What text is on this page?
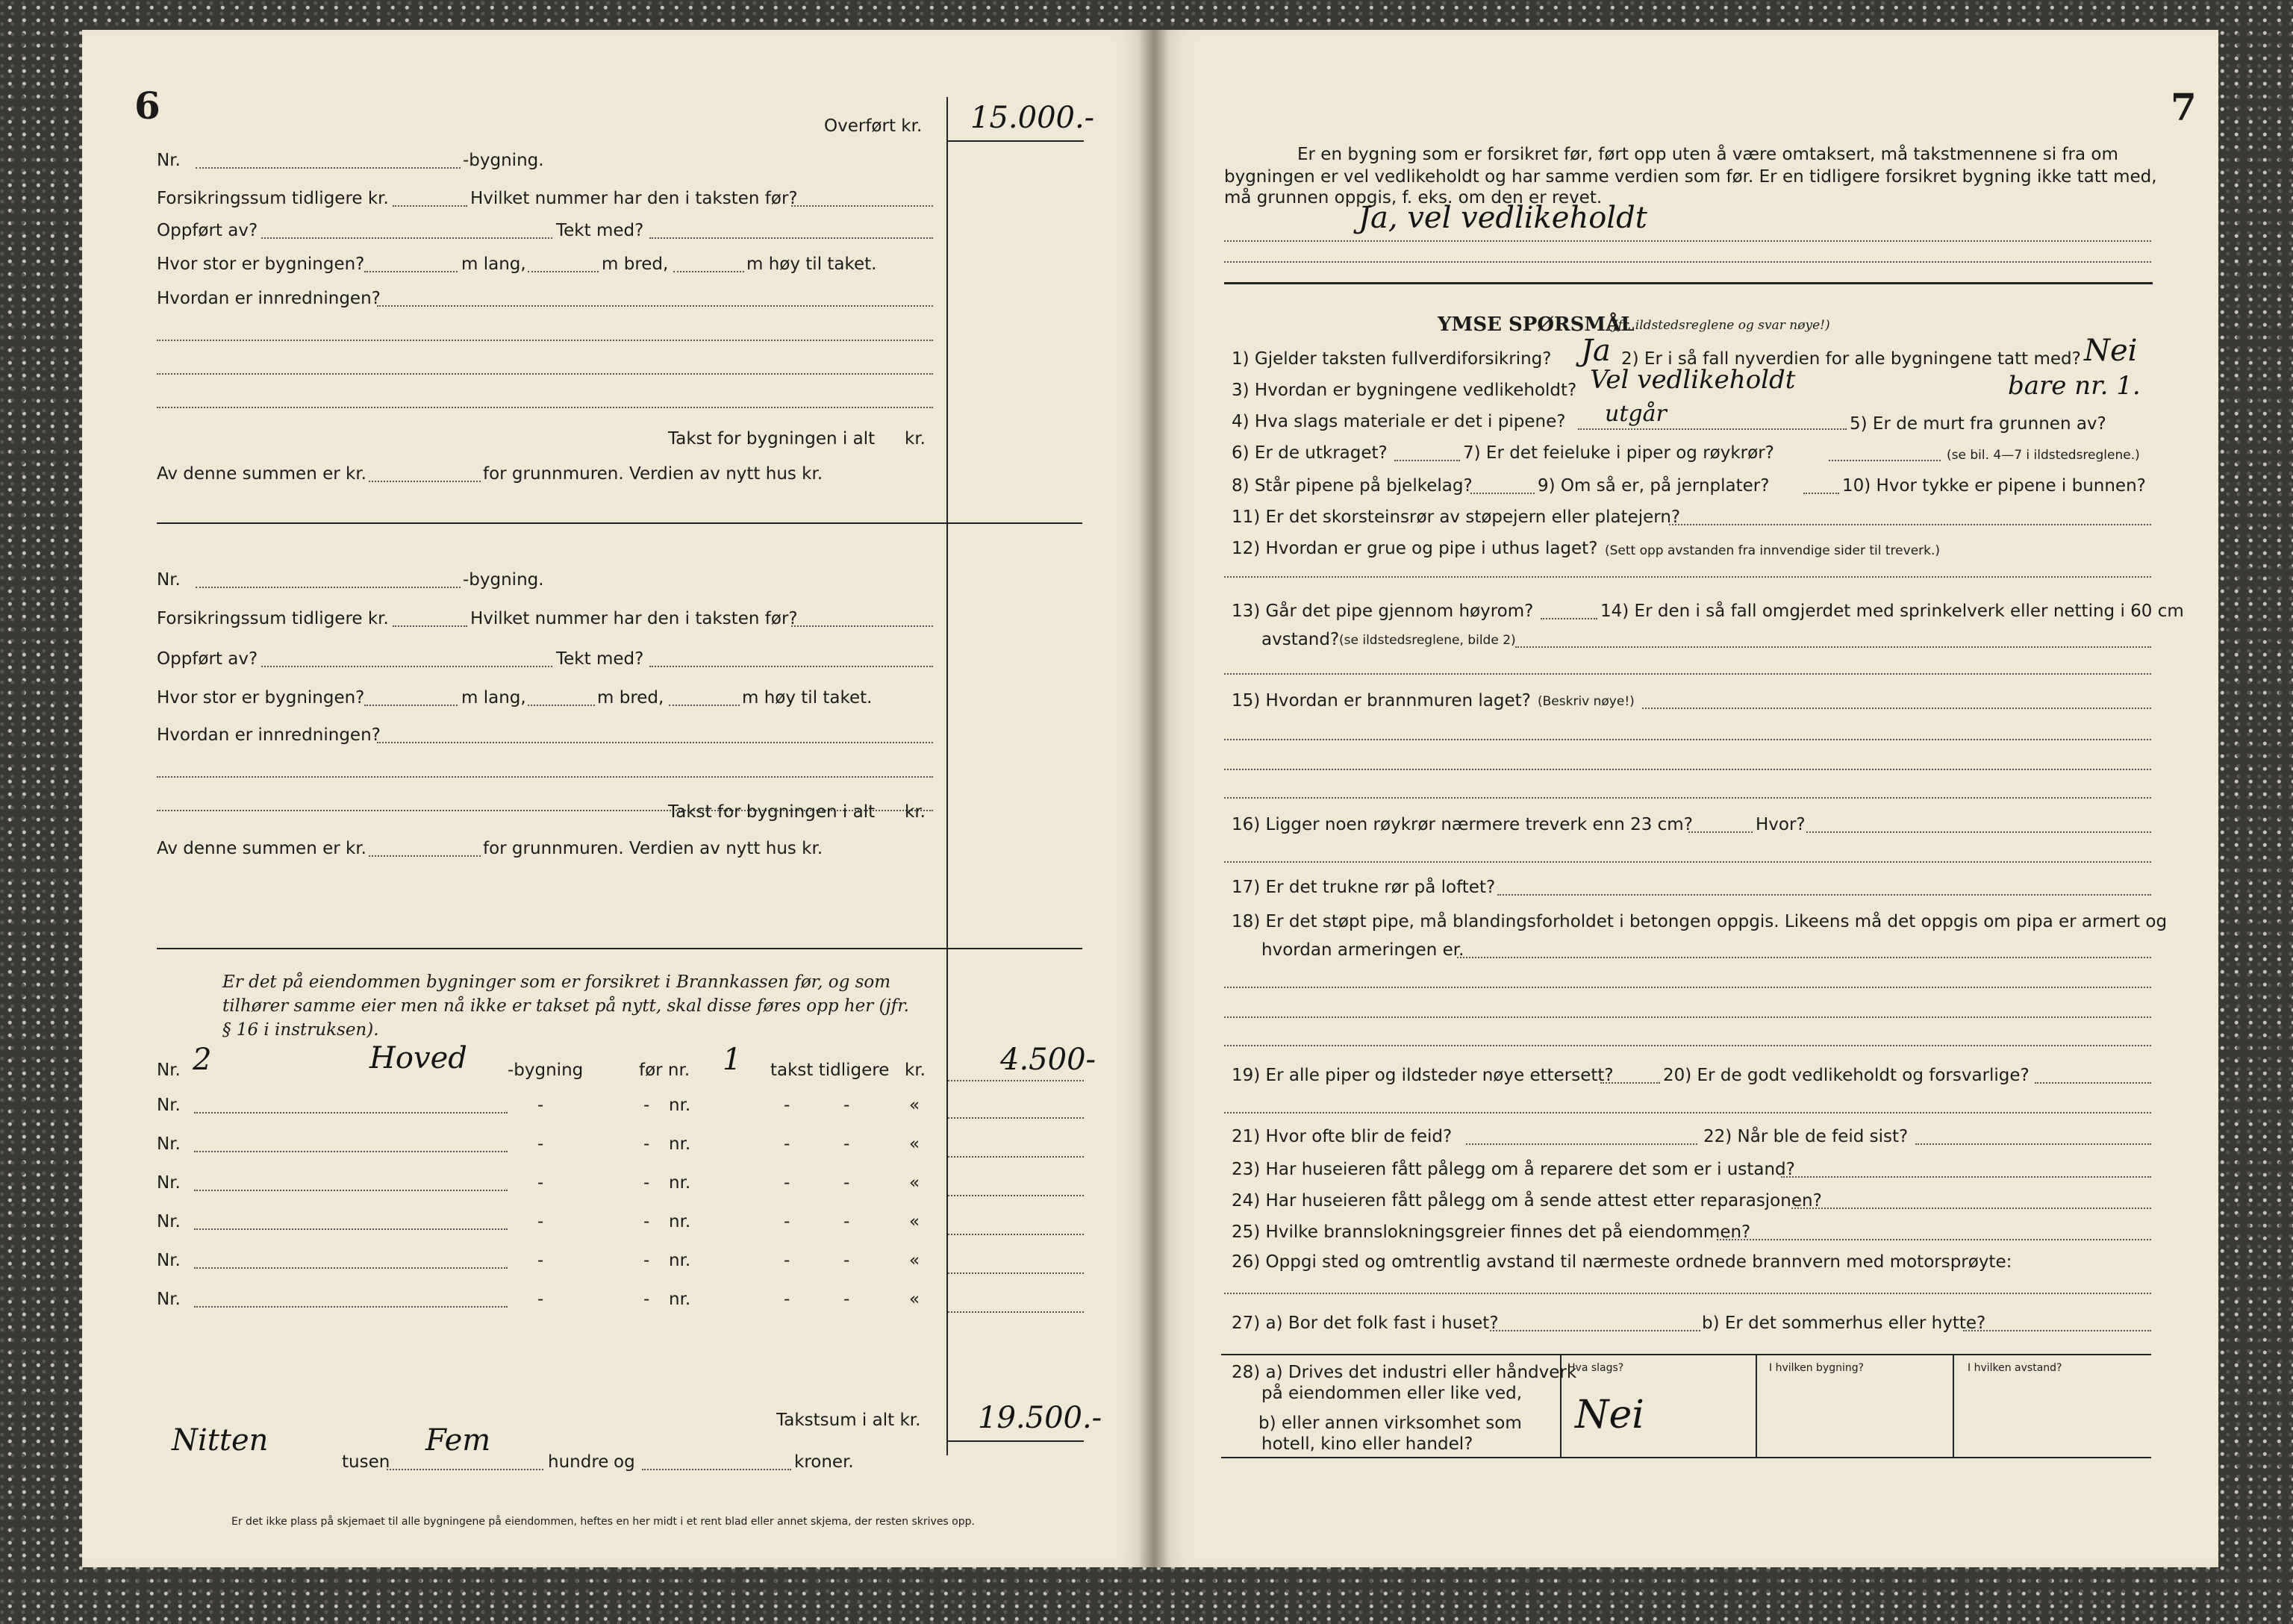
6	Overført kr. 15.000.-
Nr.	-bygning.
Forsikringssum tidligere kr.	Hvilket nummer har den i taksten før?
Oppført av?	Tekt med?
Hvor stor er bygningen?	m lang,	m bred,	m høy til taket.
Hvordan er innredningen?
Takst for bygningen i alt kr.
Av denne summen er kr.	for grunnmuren. Verdien av nytt hus kr.
Nr.	-bygning.
Forsikringssum tidligere kr.	Hvilket nummer har den i taksten før?
Oppført av?	Tekt med?
Hvor stor er bygningen?	m lang,	m bred,	m høy til taket.
Hvordan er innredningen?
Takst for bygningen i alt kr.
Av denne summen er kr.	for grunnmuren. Verdien av nytt hus kr.
Er det på eiendommen bygninger som er forsikret i Brannkassen før, og som tilhører samme eier men nå ikke er takset på nytt, skal disse føres opp her (jfr. § 16 i instruksen).
Nr. 2	Hoved -bygning	før nr. 1 takst tidligere kr.	4.500-
Nr.	-	- nr.	-	-	«
Nr.	-	- nr.	-	-	«
Nr.	-	- nr.	-	-	«
Nr.	-	- nr.	-	-	«
Nr.	-	- nr.	-	-	«
Nr.	-	- nr.	-	-	«
Takstsum i alt kr. 19.500.-
Nitten
tusen
Fem
hundre og	kroner.
Er det ikke plass på skjemaet til alle bygningene på eiendommen, heftes en her midt i et rent blad eller annet skjema, der resten skrives opp.
7
Er en bygning som er forsikret før, ført opp uten å være omtaksert, må takstmennene si fra om
bygningen er vel vedlikeholdt og har samme verdien som før. Er en tidligere forsikret bygning ikke tatt med,
må grunnen oppgis, f. eks. om den er revet.
Ja, vel vedlikeholdt
YMSE SPØRSMÅL
(Jfr. ildstedsreglene og svar nøye!)
1) Gjelder taksten fullverdiforsikring? Ja 2) Er i så fall nyverdien for alle bygningene tatt med? Nei
3) Hvordan er bygningene vedlikeholdt? Vel vedlikeholdt	bare nr. 1.
4) Hva slags materiale er det i pipene? utgår	5) Er de murt fra grunnen av?
6) Er de utkraget?	7) Er det feieluke i piper og røykrør?	(se bil. 4—7 i ildstedsreglene.)
8) Står pipene på bjelkelag?	9) Om så er, på jernplater?	10) Hvor tykke er pipene i bunnen?
11) Er det skorsteinsrør av støpejern eller platejern?
12) Hvordan er grue og pipe i uthus laget? (Sett opp avstanden fra innvendige sider til treverk.)
13) Går det pipe gjennom høyrom?	14) Er den i så fall omgjerdet med sprinkelverk eller netting i 60 cm
avstand? (se ildstedsreglene, bilde 2)
15) Hvordan er brannmuren laget? (Beskriv nøye!)
16) Ligger noen røykrør nærmere treverk enn 23 cm?	Hvor?
17) Er det trukne rør på loftet?
18) Er det støpt pipe, må blandingsforholdet i betongen oppgis. Likeens må det oppgis om pipa er armert og
hvordan armeringen er.
19) Er alle piper og ildsteder nøye ettersett?	20) Er de godt vedlikeholdt og forsvarlige?
21) Hvor ofte blir de feid?	22) Når ble de feid sist?
23) Har huseieren fått pålegg om å reparere det som er i ustand?
24) Har huseieren fått pålegg om å sende attest etter reparasjonen?
25) Hvilke brannslokningsgreier finnes det på eiendommen?
26) Oppgi sted og omtrentlig avstand til nærmeste ordnede brannvern med motorsprøyte:
27) a) Bor det folk fast i huset?	b) Er det sommerhus eller hytte?
28) a) Drives det industri eller håndverk
på eiendommen eller like ved,
b) eller annen virksomhet som
hotell, kino eller handel?
Hva slags?	I hvilken bygning?	I hvilken avstand?
Nei
